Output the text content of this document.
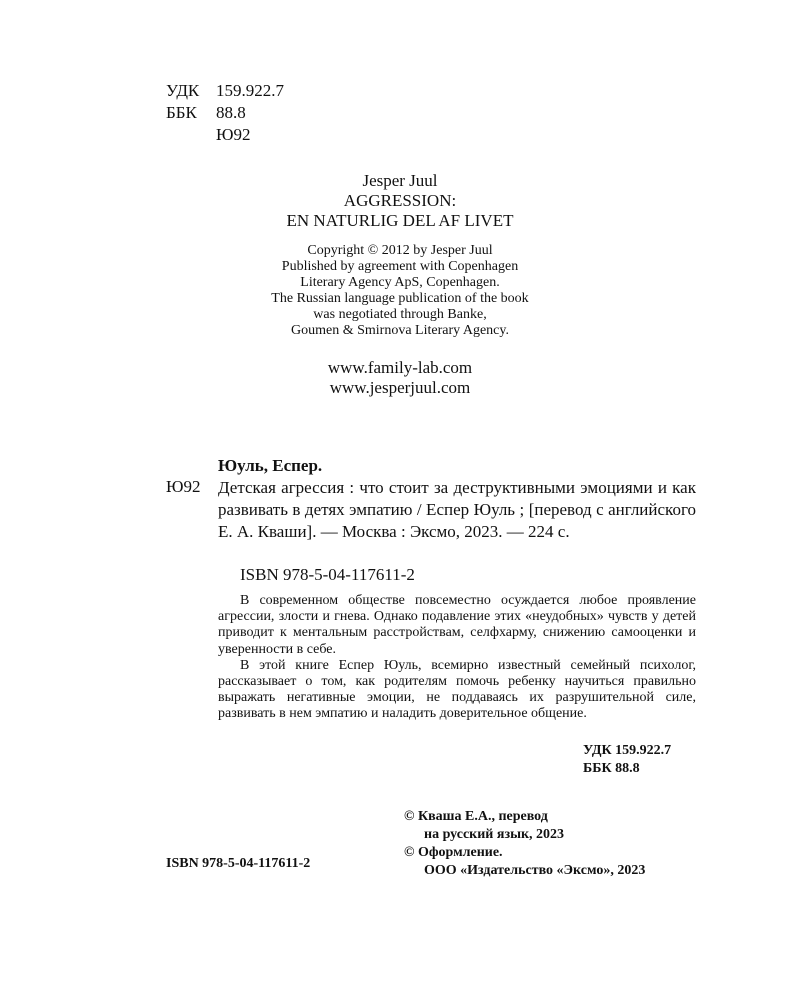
УДК 159.922.7
ББК	88.8
Ю92
Jesper Juul
AGGRESSION:
EN NATURLIG DEL AF LIVET
Copyright © 2012 by Jesper Juul
Published by agreement with Copenhagen
Literary Agency ApS, Copenhagen.
The Russian language publication of the book
was negotiated through Banke,
Goumen & Smirnova Literary Agency.
www.family-lab.com
www.jesperjuul.com
Юуль, Еспер.
Ю92 Детская агрессия : что стоит за деструктивными эмоциями и как развивать в детях эмпатию / Еспер Юуль ; [перевод с английского Е. А. Кваши]. — Москва : Эксмо, 2023. — 224 с.
ISBN 978-5-04-117611-2

В современном обществе повсеместно осуждается любое проявление агрессии, злости и гнева. Однако подавление этих «неудобных» чувств у детей приводит к ментальным расстройствам, селфхарму, снижению самооценки и уверенности в себе.

В этой книге Еспер Юуль, всемирно известный семейный психолог, рассказывает о том, как родителям помочь ребенку научиться правильно выражать негативные эмоции, не поддаваясь их разрушительной силе, развивать в нем эмпатию и наладить доверительное общение.

УДК 159.922.7
ББК 88.8
© Кваша Е.А., перевод
на русский язык, 2023
© Оформление.
ООО «Издательство «Эксмо», 2023
ISBN 978-5-04-117611-2
